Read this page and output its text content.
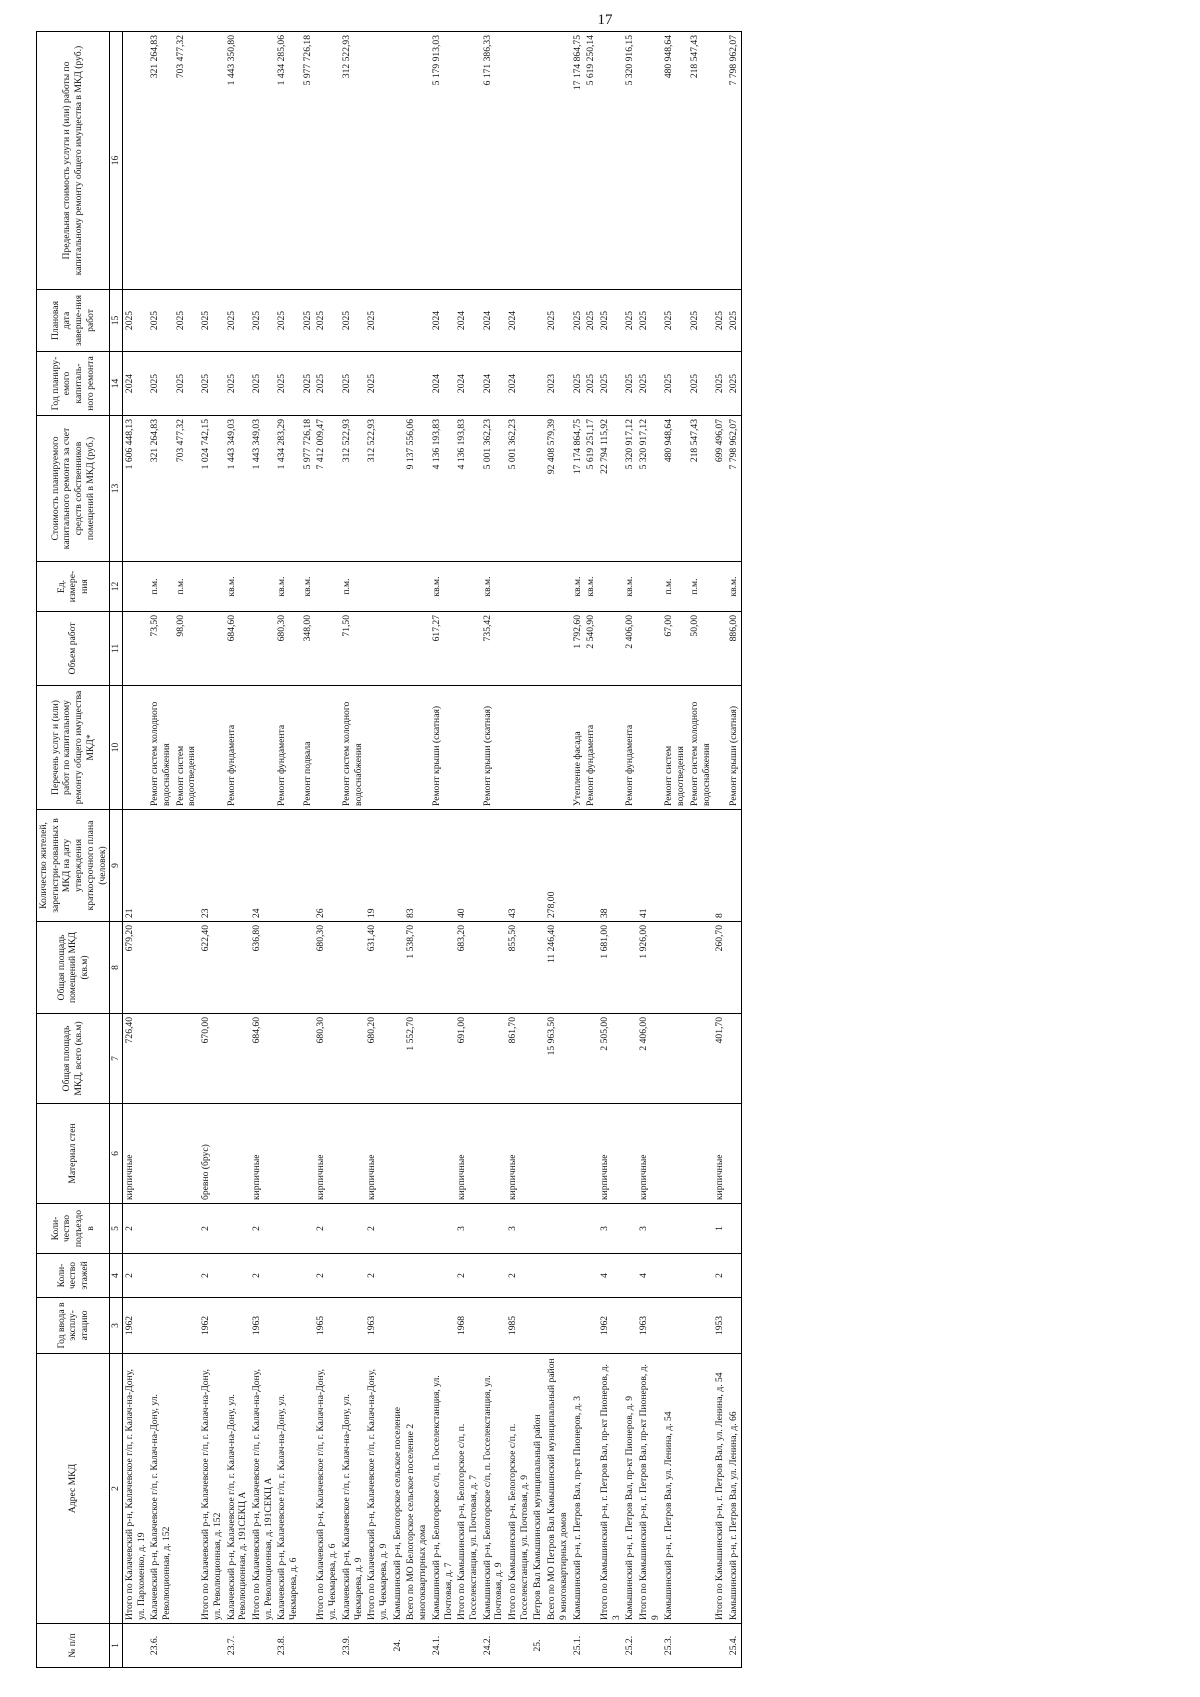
17
№ п/п	Адрес МКД	Год ввода в эксплу-атацию	Коли-чество этажей	Коли-чество подъездо в	Материал стен	Общая площадь МКД, всего (кв.м)	Общая площадь помещений МКД (кв.м)	Количество жителей, зарегистри-рованных в МКД на дату утверждения краткосрочного плана (человек)	Перечень услуг и (или) работ по капитальному ремонту общего имущества МКД*	Объем работ	Ед. измере-ния	Стоимость планируемого капитального ремонта за счет средств собственников помещений в МКД (руб.)	Год планиру-емого капиталь-ного ремонта	Плановая дата заверше-ния работ	Предельная стоимость услуги и (или) работы по капитальному ремонту общего имущества в МКД (руб.)
1	2	3	4	5	6	7	8	9	10	11	12	13	14	15	16
	Итого по Калачевский р-н, Калачевское г/п, г. Калач-на-Дону, ул. Пархоменко, д. 19	1962	2	2	кирпичные	726,40	679,20	21				1 606 448,13	2024	2025	
23.6.	Калачевский р-н, Калачевское г/п, г. Калач-на-Дону, ул. Революционная, д. 152								Ремонт систем холодного водоснабжения	73,50	п.м.	321 264,83	2025	2025	321 264,83
									Ремонт систем водоотведения	98,00	п.м.	703 477,32	2025	2025	703 477,32
	Итого по Калачевский р-н, Калачевское г/п, г. Калач-на-Дону, ул. Революционная, д. 152	1962	2	2	бревно (брус)	670,00	622,40	23				1 024 742,15	2025	2025	
23.7.	Калачевский р-н, Калачевское г/п, г. Калач-на-Дону, ул. Революционная, д. 191СЕКЦ А								Ремонт фундамента	684,60	кв.м.	1 443 349,03	2025	2025	1 443 350,80
	Итого по Калачевский р-н, Калачевское г/п, г. Калач-на-Дону, ул. Революционная, д. 191СЕКЦ А	1963	2	2	кирпичные	684,60	636,80	24				1 443 349,03	2025	2025	
23.8.	Калачевский р-н, Калачевское г/п, г. Калач-на-Дону, ул. Чекмарева, д. 6								Ремонт фундамента	680,30	кв.м.	1 434 283,29	2025	2025	1 434 285,06
									Ремонт подвала	348,00	кв.м.	5 977 726,18	2025	2025	5 977 726,18
	Итого по Калачевский р-н, Калачевское г/п, г. Калач-на-Дону, ул. Чекмарева, д. 6	1965	2	2	кирпичные	680,30	680,30	26				7 412 009,47	2025	2025	
23.9.	Калачевский р-н, Калачевское г/п, г. Калач-на-Дону, ул. Чекмарева, д. 9								Ремонт систем холодного водоснабжения	71,50	п.м.	312 522,93	2025	2025	312 522,93
	Итого по Калачевский р-н, Калачевское г/п, г. Калач-на-Дону, ул. Чекмарева, д. 9	1963	2	2	кирпичные	680,20	631,40	19				312 522,93	2025	2025	
24.	Камышинский р-н, Белогорское сельское поселение														
	Всего по МО Белогорское сельское поселение 2 многоквартирных дома					1 552,70	1 538,70	83				9 137 556,06			
24.1.	Камышинский р-н, Белогорское с/п, п. Госселекстанция, ул. Почтовая, д. 7								Ремонт крыши (скатная)	617,27	кв.м.	4 136 193,83	2024	2024	5 179 913,03
	Итого по Камышинский р-н, Белогорское с/п, п. Госселекстанция, ул. Почтовая, д. 7	1968	2	3	кирпичные	691,00	683,20	40				4 136 193,83	2024	2024	
24.2.	Камышинский р-н, Белогорское с/п, п. Госселекстанция, ул. Почтовая, д. 9								Ремонт крыши (скатная)	735,42	кв.м.	5 001 362,23	2024	2024	6 171 386,33
	Итого по Камышинский р-н, Белогорское с/п, п. Госселекстанция, ул. Почтовая, д. 9	1985	2	3	кирпичные	861,70	855,50	43				5 001 362,23	2024	2024	
25.	Петров Вал Камышинский муниципальный район														
	Всего по МО Петров Вал Камышинский муниципальный район 9 многоквартирных домов					15 963,50	11 246,40	278,00				92 408 579,39	2023	2025	
25.1.	Камышинский р-н, г. Петров Вал, пр-кт Пионеров, д. 3								Утепление фасада	1 792,60	кв.м.	17 174 864,75	2025	2025	17 174 864,75
									Ремонт фундамента	2 540,90	кв.м.	5 619 251,17	2025	2025	5 619 250,14
	Итого по Камышинский р-н, г. Петров Вал, пр-кт Пионеров, д. 3	1962	4	3	кирпичные	2 505,00	1 681,00	38				22 794 115,92	2025	2025	
25.2.	Камышинский р-н, г. Петров Вал, пр-кт Пионеров, д. 9								Ремонт фундамента	2 406,00	кв.м.	5 320 917,12	2025	2025	5 320 916,15
	Итого по Камышинский р-н, г. Петров Вал, пр-кт Пионеров, д. 9	1963	4	3	кирпичные	2 406,00	1 926,00	41				5 320 917,12	2025	2025	
25.3.	Камышинский р-н, г. Петров Вал, ул. Ленина, д. 54								Ремонт систем водоотведения	67,00	п.м.	480 948,64	2025	2025	480 948,64
									Ремонт систем холодного водоснабжения	50,00	п.м.	218 547,43	2025	2025	218 547,43
	Итого по Камышинский р-н, г. Петров Вал, ул. Ленина, д. 54	1953	2	1	кирпичные	401,70	260,70	8				699 496,07	2025	2025	
25.4.	Камышинский р-н, г. Петров Вал, ул. Ленина, д. 66								Ремонт крыши (скатная)	886,00	кв.м.	7 798 962,07	2025	2025	7 798 962,07
